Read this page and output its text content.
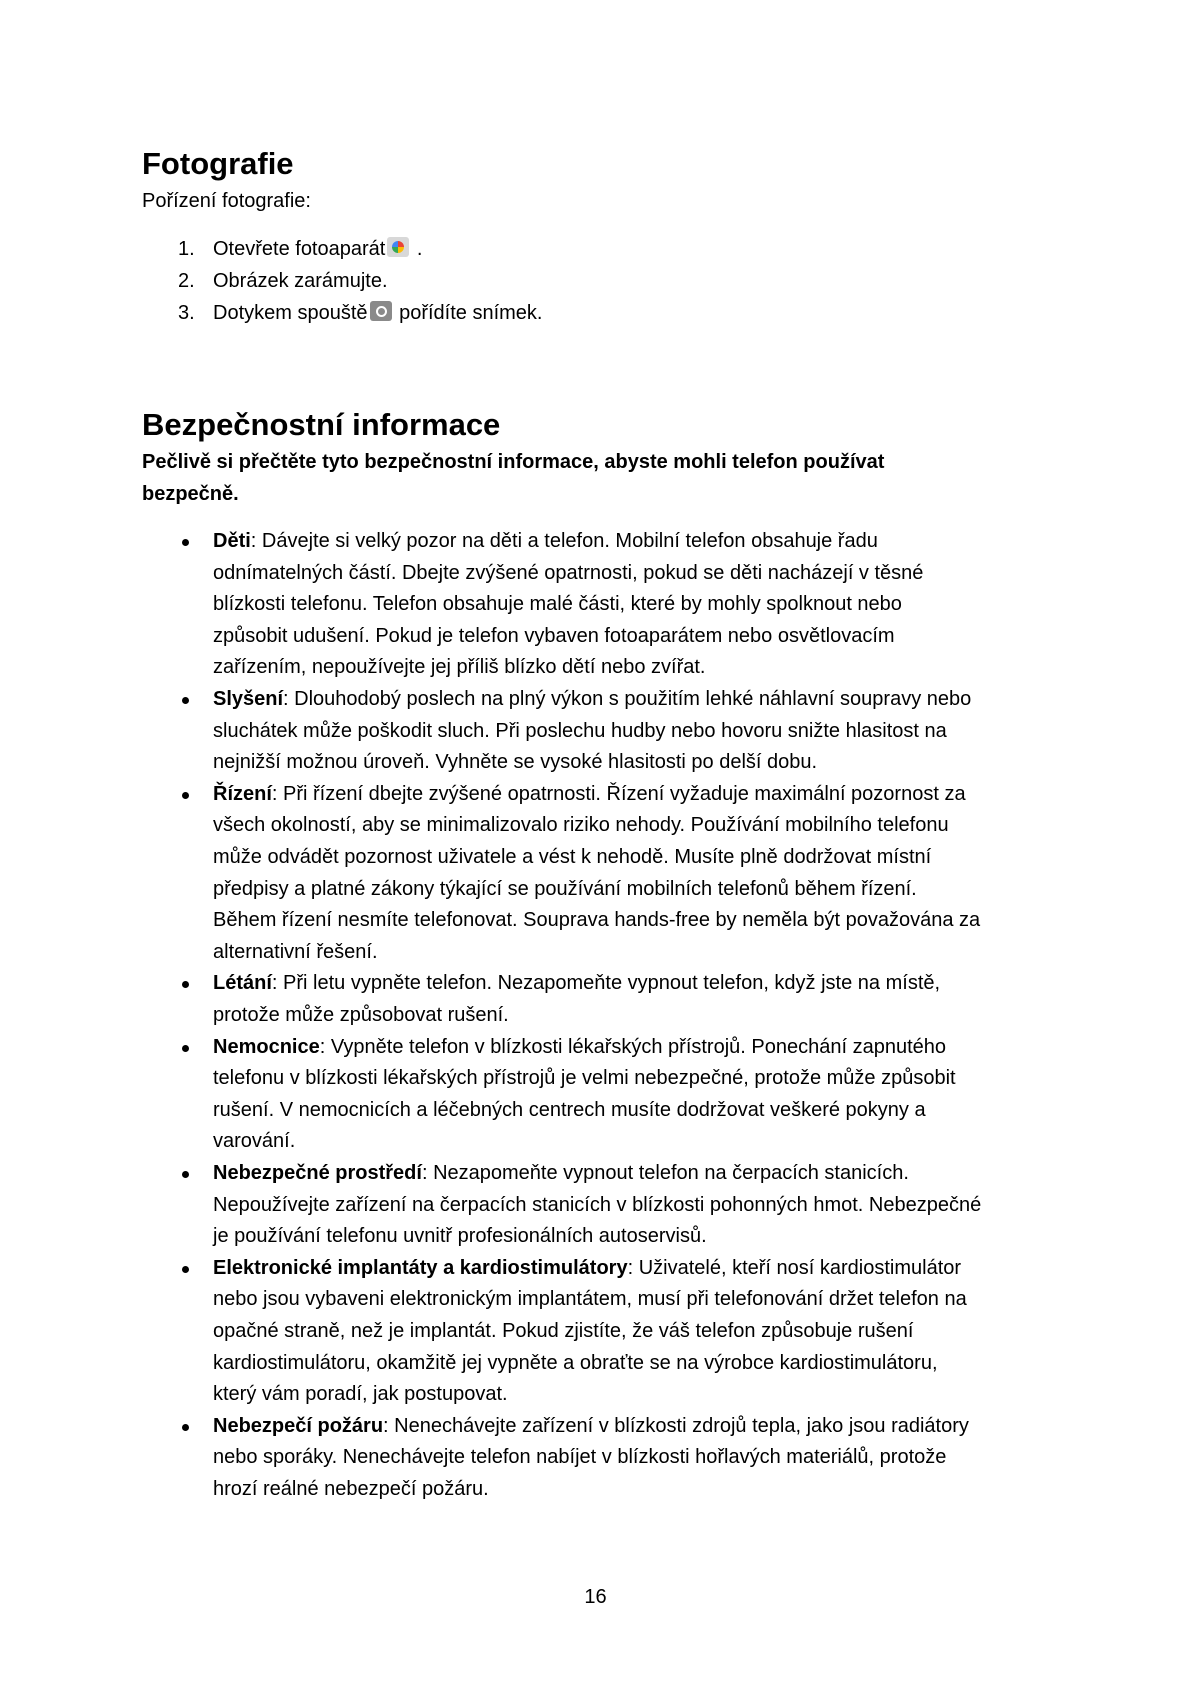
Fotografie
Pořízení fotografie:
1. Otevřete fotoaparát .
2. Obrázek zarámujte.
3. Dotykem spouště pořídíte snímek.
Bezpečnostní informace
Pečlivě si přečtěte tyto bezpečnostní informace, abyste mohli telefon používat
bezpečně.
Děti: Dávejte si velký pozor na děti a telefon. Mobilní telefon obsahuje řadu
odnímatelných částí. Dbejte zvýšené opatrnosti, pokud se děti nacházejí v těsné
blízkosti telefonu. Telefon obsahuje malé části, které by mohly spolknout nebo
způsobit udušení. Pokud je telefon vybaven fotoaparátem nebo osvětlovacím
zařízením, nepoužívejte jej příliš blízko dětí nebo zvířat.
Slyšení: Dlouhodobý poslech na plný výkon s použitím lehké náhlavní soupravy nebo
sluchátek může poškodit sluch. Při poslechu hudby nebo hovoru snižte hlasitost na
nejnižší možnou úroveň. Vyhněte se vysoké hlasitosti po delší dobu.
Řízení: Při řízení dbejte zvýšené opatrnosti. Řízení vyžaduje maximální pozornost za
všech okolností, aby se minimalizovalo riziko nehody. Používání mobilního telefonu
může odvádět pozornost uživatele a vést k nehodě. Musíte plně dodržovat místní
předpisy a platné zákony týkající se používání mobilních telefonů během řízení.
Během řízení nesmíte telefonovat. Souprava hands-free by neměla být považována za
alternativní řešení.
Létání: Při letu vypněte telefon. Nezapomeňte vypnout telefon, když jste na místě,
protože může způsobovat rušení.
Nemocnice: Vypněte telefon v blízkosti lékařských přístrojů. Ponechání zapnutého
telefonu v blízkosti lékařských přístrojů je velmi nebezpečné, protože může způsobit
rušení. V nemocnicích a léčebných centrech musíte dodržovat veškeré pokyny a
varování.
Nebezpečné prostředí: Nezapomeňte vypnout telefon na čerpacích stanicích.
Nepoužívejte zařízení na čerpacích stanicích v blízkosti pohonných hmot. Nebezpečné
je používání telefonu uvnitř profesionálních autoservisů.
Elektronické implantáty a kardiostimulátory: Uživatelé, kteří nosí kardiostimulátor
nebo jsou vybaveni elektronickým implantátem, musí při telefonování držet telefon na
opačné straně, než je implantát. Pokud zjistíte, že váš telefon způsobuje rušení
kardiostimulátoru, okamžitě jej vypněte a obraťte se na výrobce kardiostimulátoru,
který vám poradí, jak postupovat.
Nebezpečí požáru: Nenechávejte zařízení v blízkosti zdrojů tepla, jako jsou radiátory
nebo sporáky. Nenechávejte telefon nabíjet v blízkosti hořlavých materiálů, protože
hrozí reálné nebezpečí požáru.
16
